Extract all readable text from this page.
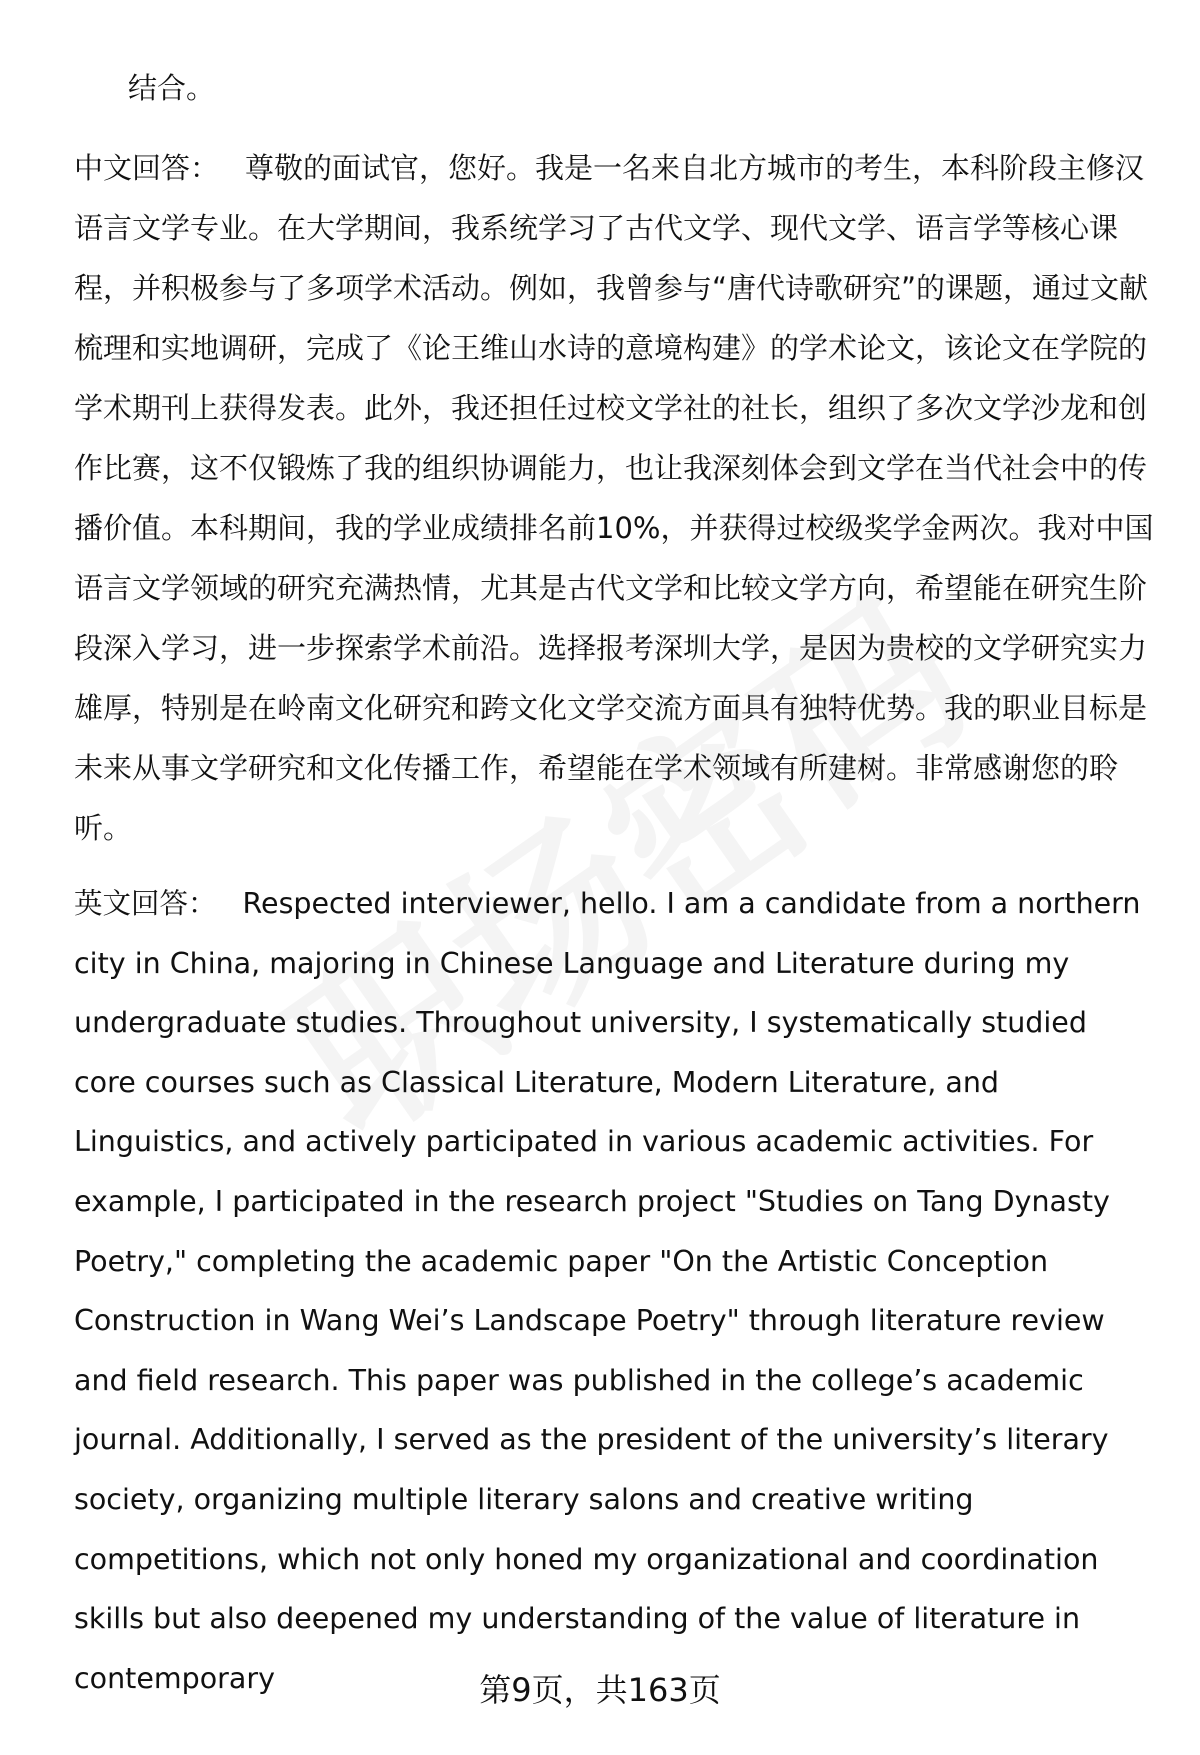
结合。

中文回答： 尊敬的面试官，您好。我是一名来自北方城市的考生，本科阶段主修汉语言文学专业。在大学期间，我系统学习了古代文学、现代文学、语言学等核心课程，并积极参与了多项学术活动。例如，我曾参与“唐代诗歌研究”的课题，通过文献梳理和实地调研，完成了《论王维山水诗的意境构建》的学术论文，该论文在学院的学术期刊上获得发表。此外，我还担任过校文学社的社长，组织了多次文学沙龙和创作比赛，这不仅锻炼了我的组织协调能力，也让我深刻体会到文学在当代社会中的传播价值。本科期间，我的学业成绩排名前10%，并获得过校级奖学金两次。我对中国语言文学领域的研究充满热情，尤其是古代文学和比较文学方向，希望能在研究生阶段深入学习，进一步探索学术前沿。选择报考深圳大学，是因为贵校的文学研究实力雄厚，特别是在岭南文化研究和跨文化文学交流方面具有独特优势。我的职业目标是未来从事文学研究和文化传播工作，希望能在学术领域有所建树。非常感谢您的聆听。

英文回答： Respected interviewer, hello. I am a candidate from a northern city in China, majoring in Chinese Language and Literature during my undergraduate studies. Throughout university, I systematically studied core courses such as Classical Literature, Modern Literature, and Linguistics, and actively participated in various academic activities. For example, I participated in the research project "Studies on Tang Dynasty Poetry," completing the academic paper "On the Artistic Conception Construction in Wang Wei’s Landscape Poetry" through literature review and field research. This paper was published in the college’s academic journal. Additionally, I served as the president of the university’s literary society, organizing multiple literary salons and creative writing competitions, which not only honed my organizational and coordination skills but also deepened my understanding of the value of literature in contemporary	第9页，共163页
